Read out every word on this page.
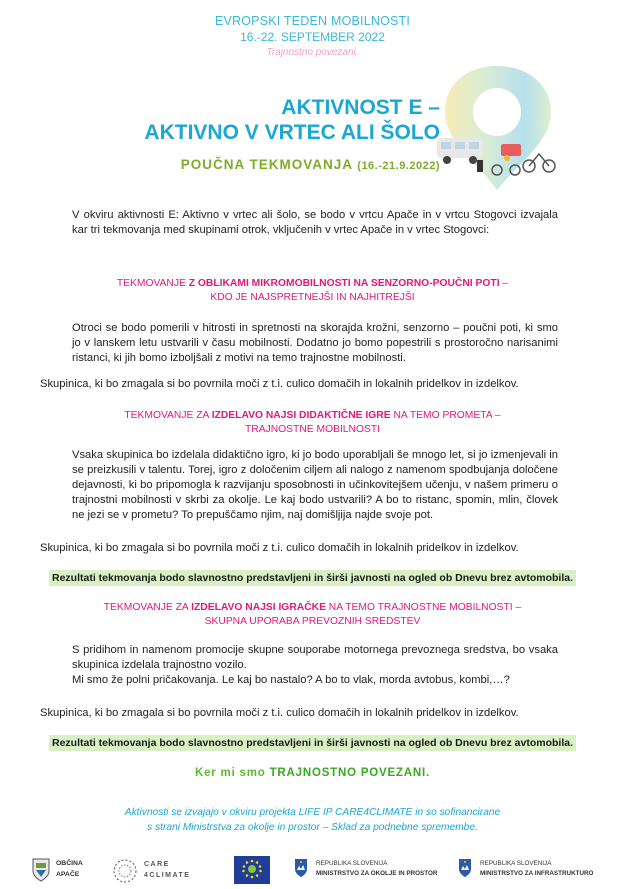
EVROPSKI TEDEN MOBILNOSTI
16.-22. SEPTEMBER 2022
Trajnostno povezani.
AKTIVNOST E –
AKTIVNO V VRTEC ALI ŠOLO
POUČNA TEKMOVANJA (16.-21.9.2022)
V okviru aktivnosti E: Aktivno v vrtec ali šolo, se bodo v vrtcu Apače in v vrtcu Stogovci izvajala kar tri tekmovanja med skupinami otrok, vključenih v vrtec Apače in v vrtec Stogovci:
TEKMOVANJE Z OBLIKAMI MIKROMOBILNOSTI NA SENZORNO-POUČNI POTI –
KDO JE NAJSPRETNEJŠI IN NAJHITREJŠI
Otroci se bodo pomerili v hitrosti in spretnosti na skorajda krožni, senzorno – poučni poti, ki smo jo v lanskem letu ustvarili v času mobilnosti. Dodatno jo bomo popestrili s prostoročno narisanimi ristanci, ki jih bomo izboljšali z motivi na temo trajnostne mobilnosti.
Skupinica, ki bo zmagala si bo povrnila moči z t.i. culico domačih in lokalnih pridelkov in izdelkov.
TEKMOVANJE ZA IZDELAVO NAJSI DIDAKTIČNE IGRE NA TEMO PROMETA –
TRAJNOSTNE MOBILNOSTI
Vsaka skupinica bo izdelala didaktično igro, ki jo bodo uporabljali še mnogo let, si jo izmenjevali in se preizkusili v talentu. Torej, igro z določenim ciljem ali nalogo z namenom spodbujanja določene dejavnosti, ki bo pripomogla k razvijanju sposobnosti in učinkovitejšem učenju, v našem primeru o trajnostni mobilnosti v skrbi za okolje. Le kaj bodo ustvarili? A bo to ristanc, spomin, mlin, človek ne jezi se v prometu? To prepuščamo njim, naj domišljija najde svoje pot.
Skupinica, ki bo zmagala si bo povrnila moči z t.i. culico domačih in lokalnih pridelkov in izdelkov.
Rezultati tekmovanja bodo slavnostno predstavljeni in širši javnosti na ogled ob Dnevu brez avtomobila.
TEKMOVANJE ZA IZDELAVO NAJSI IGRAČKE NA TEMO TRAJNOSTNE MOBILNOSTI –
SKUPNA UPORABA PREVOZNIH SREDSTEV
S pridihom in namenom promocije skupne souporabe motornega prevoznega sredstva, bo vsaka skupinica izdelala trajnostno vozilo.
Mi smo že polni pričakovanja. Le kaj bo nastalo? A bo to vlak, morda avtobus, kombi,…?
Skupinica, ki bo zmagala si bo povrnila moči z t.i. culico domačih in lokalnih pridelkov in izdelkov.
Rezultati tekmovanja bodo slavnostno predstavljeni in širši javnosti na ogled ob Dnevu brez avtomobila.
Ker mi smo TRAJNOSTNO POVEZANI.
Aktivnosti se izvajajo v okviru projekta LIFE IP CARE4CLIMATE in so sofinancirane
s strani Ministrstva za okolje in prostor – Sklad za podnebne spremembe.
OBČINA
APAČE
CARE
4CLIMATE
REPUBLIKA SLOVENIJA
MINISTRSTVO ZA OKOLJE IN PROSTOR
REPUBLIKA SLOVENIJA
MINISTRSTVO ZA INFRASTRUKTURO
